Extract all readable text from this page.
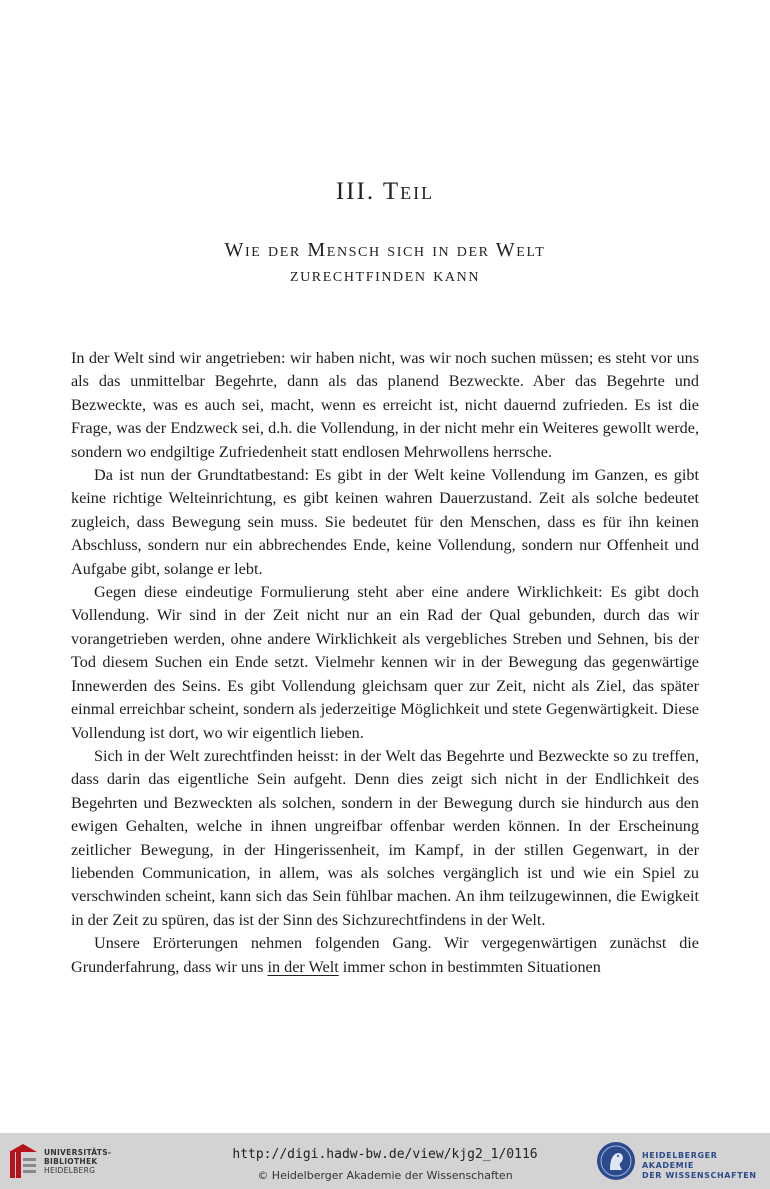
III. Teil
Wie der Mensch sich in der Welt
zurechtfinden kann

In der Welt sind wir angetrieben: wir haben nicht, was wir noch suchen müssen; es steht vor uns als das unmittelbar Begehrte, dann als das planend Bezweckte. Aber das Begehrte und Bezweckte, was es auch sei, macht, wenn es erreicht ist, nicht dauernd zufrieden. Es ist die Frage, was der Endzweck sei, d.h. die Vollendung, in der nicht mehr ein Weiteres gewollt werde, sondern wo endgiltige Zufriedenheit statt endlosen Mehrwollens herrsche.

Da ist nun der Grundtatbestand: Es gibt in der Welt keine Vollendung im Ganzen, es gibt keine richtige Welteinrichtung, es gibt keinen wahren Dauerzustand. Zeit als solche bedeutet zugleich, dass Bewegung sein muss. Sie bedeutet für den Menschen, dass es für ihn keinen Abschluss, sondern nur ein abbrechendes Ende, keine Vollendung, sondern nur Offenheit und Aufgabe gibt, solange er lebt.

Gegen diese eindeutige Formulierung steht aber eine andere Wirklichkeit: Es gibt doch Vollendung. Wir sind in der Zeit nicht nur an ein Rad der Qual gebunden, durch das wir vorangetrieben werden, ohne andere Wirklichkeit als vergebliches Streben und Sehnen, bis der Tod diesem Suchen ein Ende setzt. Vielmehr kennen wir in der Bewegung das gegenwärtige Innewerden des Seins. Es gibt Vollendung gleichsam quer zur Zeit, nicht als Ziel, das später einmal erreichbar scheint, sondern als jederzeitige Möglichkeit und stete Gegenwärtigkeit. Diese Vollendung ist dort, wo wir eigentlich lieben.

Sich in der Welt zurechtfinden heisst: in der Welt das Begehrte und Bezweckte so zu treffen, dass darin das eigentliche Sein aufgeht. Denn dies zeigt sich nicht in der Endlichkeit des Begehrten und Bezweckten als solchen, sondern in der Bewegung durch sie hindurch aus den ewigen Gehalten, welche in ihnen ungreifbar offenbar werden können. In der Erscheinung zeitlicher Bewegung, in der Hingerissenheit, im Kampf, in der stillen Gegenwart, in der liebenden Communication, in allem, was als solches vergänglich ist und wie ein Spiel zu verschwinden scheint, kann sich das Sein fühlbar machen. An ihm teilzugewinnen, die Ewigkeit in der Zeit zu spüren, das ist der Sinn des Sichzurechtfindens in der Welt.

Unsere Erörterungen nehmen folgenden Gang. Wir vergegenwärtigen zunächst die Grunderfahrung, dass wir uns in der Welt immer schon in bestimmten Situationen

UNIVERSITÄTS-
BIBLIOTHEK
HEIDELBERG
http://digi.hadw-bw.de/view/kjg2_1/0116
© Heidelberger Akademie der Wissenschaften
HEIDELBERGER AKADEMIE
DER WISSENSCHAFTEN
